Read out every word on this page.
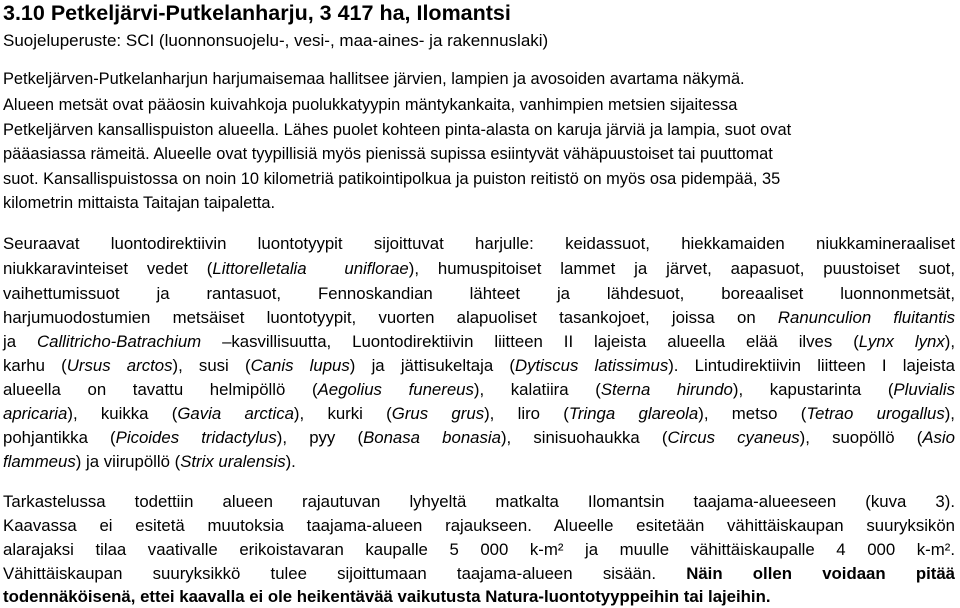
3.10 Petkeljärvi-Putkelanharju, 3 417 ha, Ilomantsi
Suojeluperuste: SCI (luonnonsuojelu-, vesi-, maa-aines- ja rakennuslaki)
Petkeljärven-Putkelanharjun harjumaisemaa hallitsee järvien, lampien ja avosoiden avartama näkymä.
Alueen metsät ovat pääosin kuivahkoja puolukkatyypin mäntykankaita, vanhimpien metsien sijaitessa
Petkeljärven kansallispuiston alueella. Lähes puolet kohteen pinta-alasta on karuja järviä ja lampia, suot ovat
pääasiassa rämeitä. Alueelle ovat tyypillisiä myös pienissä supissa esiintyvät vähäpuustoiset tai puuttomat
suot. Kansallispuistossa on noin 10 kilometriä patikointipolkua ja puiston reitistö on myös osa pidempää, 35
kilometrin mittaista Taitajan taipaletta.
Seuraavat luontodirektiivin luontotyypit sijoittuvat harjulle: keidassuot, hiekkamaiden niukkamineraaliset
niukkaravinteiset vedet (Littorelletalia uniflorae), humuspitoiset lammet ja järvet, aapasuot, puustoiset suot,
vaihettumissuot ja rantasuot, Fennoskandian lähteet ja lähdesuot, boreaaliset luonnonmetsät,
harjumuodostumien metsäiset luontotyypit, vuorten alapuoliset tasankojoet, joissa on Ranunculion fluitantis
ja Callitricho-Batrachium –kasvillisuutta, Luontodirektiivin liitteen II lajeista alueella elää ilves (Lynx lynx),
karhu (Ursus arctos), susi (Canis lupus) ja jättisukeltaja (Dytiscus latissimus). Lintudirektiivin liitteen I lajeista
alueella on tavattu helmipöllö (Aegolius funereus), kalatiira (Sterna hirundo), kapustarinta (Pluvialis
apricaria), kuikka (Gavia arctica), kurki (Grus grus), liro (Tringa glareola), metso (Tetrao urogallus),
pohjantikka (Picoides tridactylus), pyy (Bonasa bonasia), sinisuohaukka (Circus cyaneus), suopöllö (Asio
flammeus) ja viirupöllö (Strix uralensis).
Tarkastelussa todettiin alueen rajautuvan lyhyeltä matkalta Ilomantsin taajama-alueeseen (kuva 3).
Kaavassa ei esitetä muutoksia taajama-alueen rajaukseen. Alueelle esitetään vähittäiskaupan suuryksikön
alarajaksi tilaa vaativalle erikoistavaran kaupalle 5 000 k-m² ja muulle vähittäiskaupalle 4 000 k-m².
Vähittäiskaupan suuryksikkö tulee sijoittumaan taajama-alueen sisään. Näin ollen voidaan pitää
todennäköisenä, ettei kaavalla ei ole heikentävää vaikutusta Natura-luontotyyppeihin tai lajeihin.
